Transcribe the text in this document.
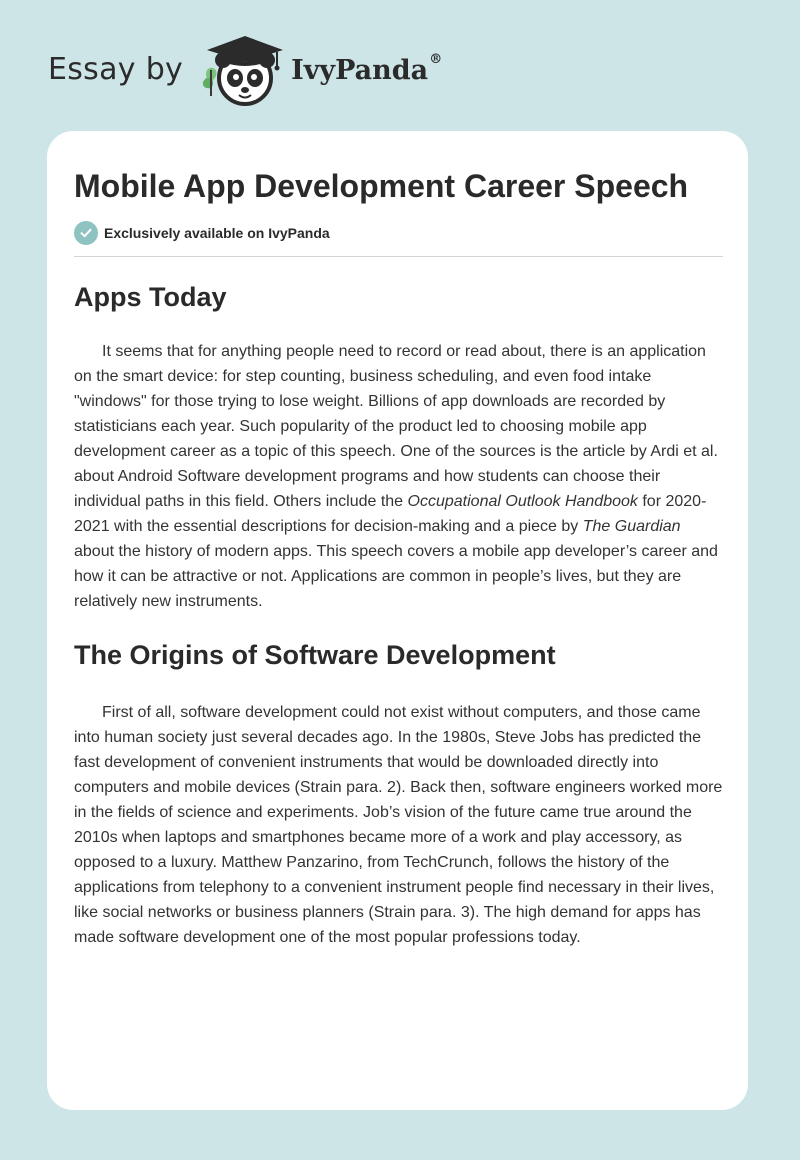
Essay by	IvyPanda®
Mobile App Development Career Speech
Exclusively available on IvyPanda
Apps Today

It seems that for anything people need to record or read about, there is an application on the smart device: for step counting, business scheduling, and even food intake "windows" for those trying to lose weight. Billions of app downloads are recorded by statisticians each year. Such popularity of the product led to choosing mobile app development career as a topic of this speech. One of the sources is the article by Ardi et al. about Android Software development programs and how students can choose their individual paths in this field. Others include the Occupational Outlook Handbook for 2020-2021 with the essential descriptions for decision-making and a piece by The Guardian about the history of modern apps. This speech covers a mobile app developer’s career and how it can be attractive or not. Applications are common in people’s lives, but they are relatively new instruments.

The Origins of Software Development

First of all, software development could not exist without computers, and those came into human society just several decades ago. In the 1980s, Steve Jobs has predicted the fast development of convenient instruments that would be downloaded directly into computers and mobile devices (Strain para. 2). Back then, software engineers worked more in the fields of science and experiments. Job’s vision of the future came true around the 2010s when laptops and smartphones became more of a work and play accessory, as opposed to a luxury. Matthew Panzarino, from TechCrunch, follows the history of the applications from telephony to a convenient instrument people find necessary in their lives, like social networks or business planners (Strain para. 3). The high demand for apps has made software development one of the most popular professions today.
